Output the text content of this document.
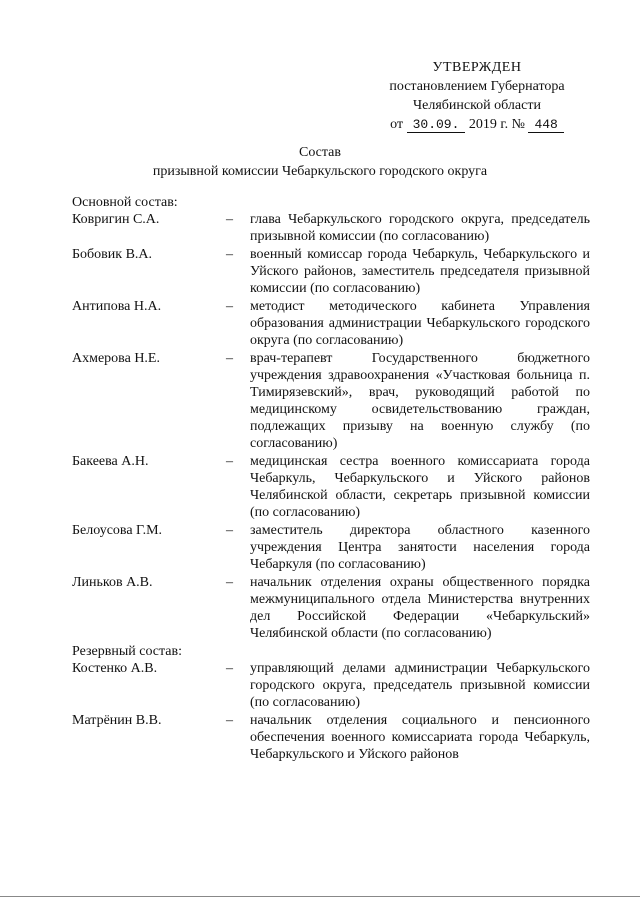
УТВЕРЖДЕН
постановлением Губернатора
Челябинской области
от 30.09. 2019 г. № 448
Состав
призывной комиссии Чебаркульского городского округа
Основной состав:
Ковригин С.А.	–	глава Чебаркульского городского округа, председатель призывной комиссии (по согласованию)
Бобовик В.А.	–	военный комиссар города Чебаркуль, Чебаркульского и Уйского районов, заместитель председателя призывной комиссии (по согласованию)
Антипова Н.А.	–	методист методического кабинета Управления образования администрации Чебаркульского городского округа (по согласованию)
Ахмерова Н.Е.	–	врач-терапевт Государственного бюджетного учреждения здравоохранения «Участковая больница п. Тимирязевский», врач, руководящий работой по медицинскому освидетельствованию граждан, подлежащих призыву на военную службу (по согласованию)
Бакеева А.Н.	–	медицинская сестра военного комиссариата города Чебаркуль, Чебаркульского и Уйского районов Челябинской области, секретарь призывной комиссии (по согласованию)
Белоусова Г.М.	–	заместитель директора областного казенного учреждения Центра занятости населения города Чебаркуля (по согласованию)
Линьков А.В.	–	начальник отделения охраны общественного порядка межмуниципального отдела Министерства внутренних дел Российской Федерации «Чебаркульский» Челябинской области (по согласованию)
Резервный состав:
Костенко А.В.	–	управляющий делами администрации Чебаркульского городского округа, председатель призывной комиссии (по согласованию)
Матрёнин В.В.	–	начальник отделения социального и пенсионного обеспечения военного комиссариата города Чебаркуль, Чебаркульского и Уйского районов
